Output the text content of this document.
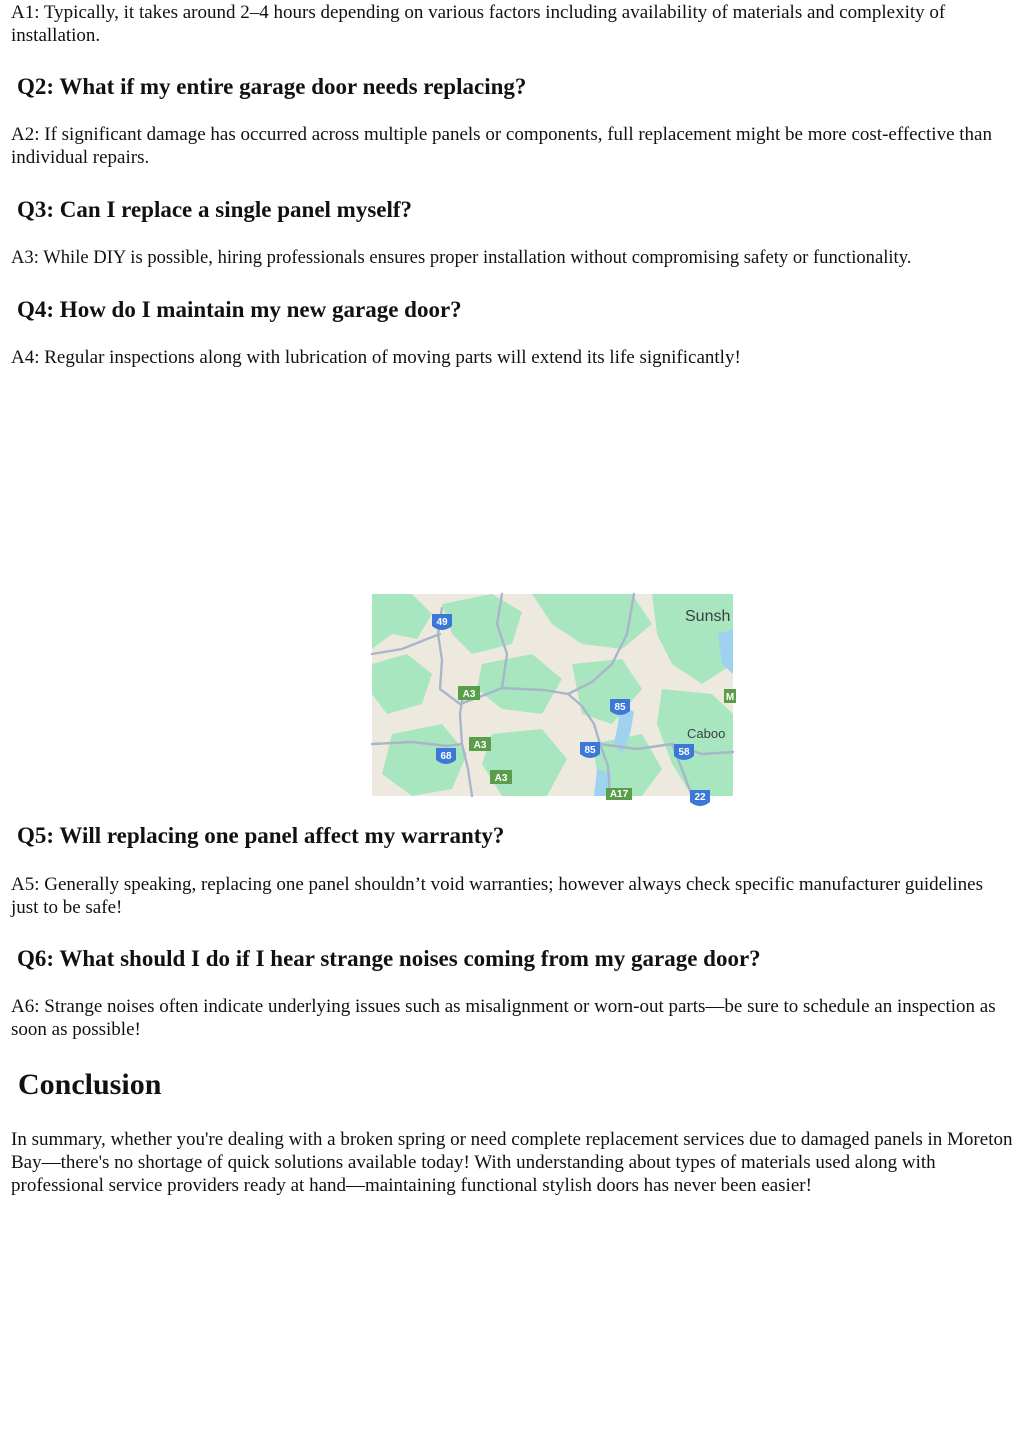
A1: Typically, it takes around 2–4 hours depending on various factors including availability of materials and complexity of installation.

Q2: What if my entire garage door needs replacing?

A2: If significant damage has occurred across multiple panels or components, full replacement might be more cost-effective than individual repairs.

Q3: Can I replace a single panel myself?

A3: While DIY is possible, hiring professionals ensures proper installation without compromising safety or functionality.

Q4: How do I maintain my new garage door?

A4: Regular inspections along with lubrication of moving parts will extend its life significantly!

49
A3
85
A3
68
85	58
A3
A17
M
22
Sunsh
Caboo
Q5: Will replacing one panel affect my warranty?

A5: Generally speaking, replacing one panel shouldn’t void warranties; however always check specific manufacturer guidelines just to be safe!

Q6: What should I do if I hear strange noises coming from my garage door?

A6: Strange noises often indicate underlying issues such as misalignment or worn-out parts—be sure to schedule an inspection as soon as possible!

Conclusion

In summary, whether you're dealing with a broken spring or need complete replacement services due to damaged panels in Moreton Bay—there's no shortage of quick solutions available today! With understanding about types of materials used along with professional service providers ready at hand—maintaining functional stylish doors has never been easier!
